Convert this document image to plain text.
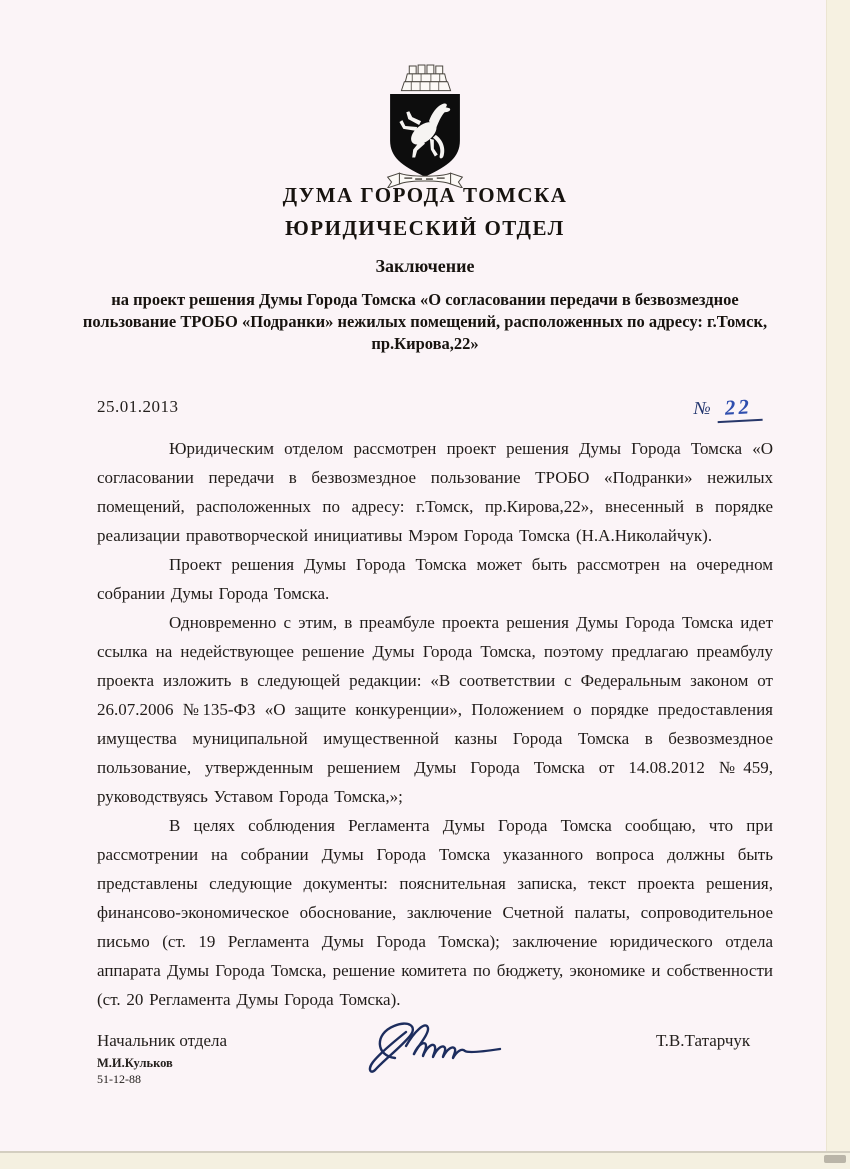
ДУМА ГОРОДА ТОМСКА
ЮРИДИЧЕСКИЙ ОТДЕЛ
Заключение
на проект решения Думы Города Томска «О согласовании передачи в безвозмездное пользование ТРОБО «Подранки» нежилых помещений, расположенных по адресу: г.Томск, пр.Кирова,22»
25.01.2013	№ 22

Юридическим отделом рассмотрен проект решения Думы Города Томска «О согласовании передачи в безвозмездное пользование ТРОБО «Подранки» нежилых помещений, расположенных по адресу: г.Томск, пр.Кирова,22», внесенный в порядке реализации правотворческой инициативы Мэром Города Томска (Н.А.Николайчук).

Проект решения Думы Города Томска может быть рассмотрен на очередном собрании Думы Города Томска.

Одновременно с этим, в преамбуле проекта решения Думы Города Томска идет ссылка на недействующее решение Думы Города Томска, поэтому предлагаю преамбулу проекта изложить в следующей редакции: «В соответствии с Федеральным законом от 26.07.2006 №135-ФЗ «О защите конкуренции», Положением о порядке предоставления имущества муниципальной имущественной казны Города Томска в безвозмездное пользование, утвержденным решением Думы Города Томска от 14.08.2012 №459, руководствуясь Уставом Города Томска,»;

В целях соблюдения Регламента Думы Города Томска сообщаю, что при рассмотрении на собрании Думы Города Томска указанного вопроса должны быть представлены следующие документы: пояснительная записка, текст проекта решения, финансово-экономическое обоснование, заключение Счетной палаты, сопроводительное письмо (ст. 19 Регламента Думы Города Томска); заключение юридического отдела аппарата Думы Города Томска, решение комитета по бюджету, экономике и собственности (ст. 20 Регламента Думы Города Томска).

Начальник отдела
М.И.Кульков
51-12-88
Т.В.Татарчук
